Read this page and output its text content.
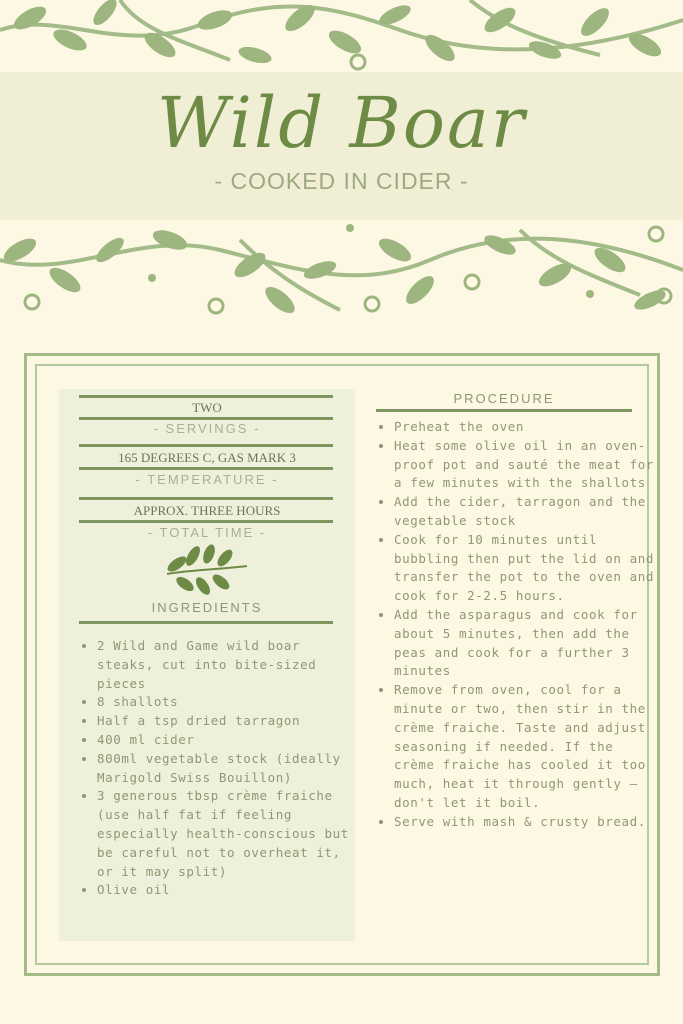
Wild Boar
- COOKED IN CIDER -
TWO
- SERVINGS -
165 DEGREES C, GAS MARK 3
- TEMPERATURE -
APPROX. THREE HOURS
- TOTAL TIME -
INGREDIENTS
• 2 Wild and Game wild boar steaks, cut into bite-sized pieces
• 8 shallots
• Half a tsp dried tarragon
• 400 ml cider
• 800ml vegetable stock (ideally Marigold Swiss Bouillon)
• 3 generous tbsp crème fraiche (use half fat if feeling especially health-conscious but be careful not to overheat it, or it may split)
• Olive oil
PROCEDURE
• Preheat the oven
• Heat some olive oil in an oven-proof pot and sauté the meat for a few minutes with the shallots
• Add the cider, tarragon and the vegetable stock
• Cook for 10 minutes until bubbling then put the lid on and transfer the pot to the oven and cook for 2-2.5 hours.
• Add the asparagus and cook for about 5 minutes, then add the peas and cook for a further 3 minutes
• Remove from oven, cool for a minute or two, then stir in the crème fraiche. Taste and adjust seasoning if needed. If the crème fraiche has cooled it too much, heat it through gently – don't let it boil.
• Serve with mash & crusty bread.
